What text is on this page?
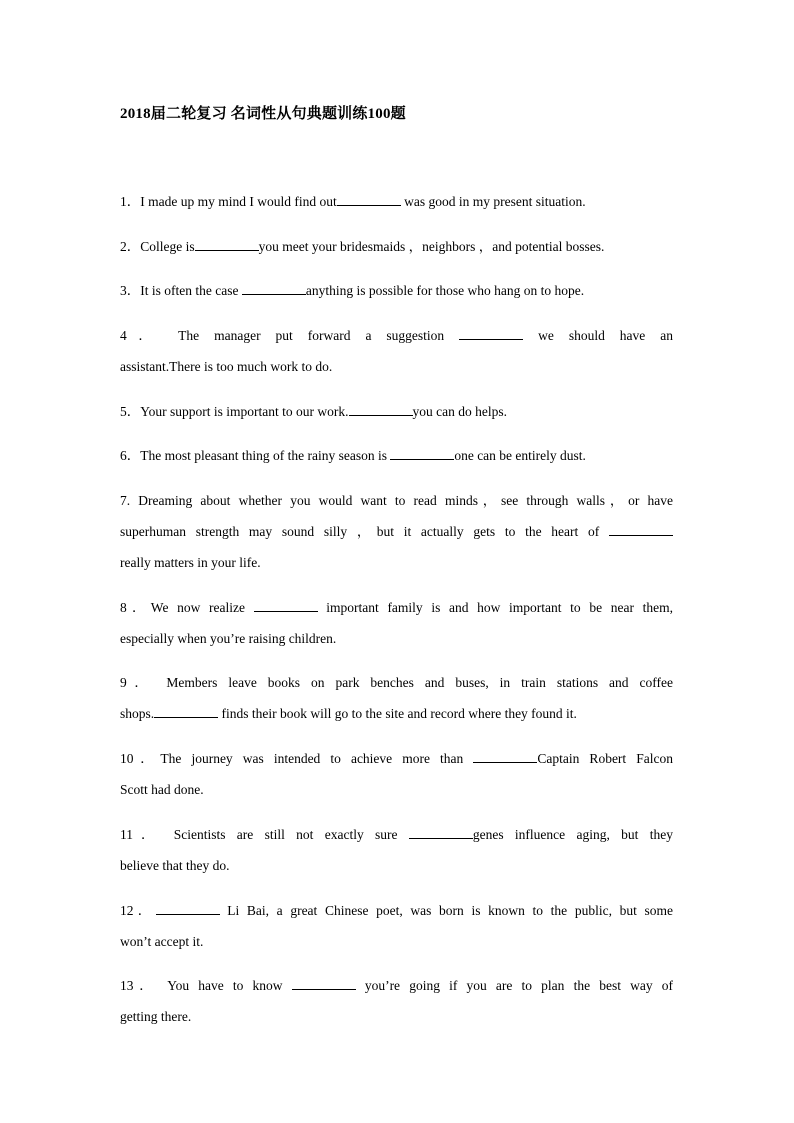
2018届二轮复习 名词性从句典题训练100题
1．I made up my mind I would find out	was good in my present situation.
2．College is	you meet your bridesmaids ，neighbors ，and potential bosses.
3．It is often the case	anything is possible for those who hang on to hope.
4． The manager put forward a suggestion	we should have an
assistant.There is too much work to do.
5．Your support is important to our work.	you can do helps.
6．The most pleasant thing of the rainy season is	one can be entirely dust.
7. Dreaming about whether you would want to read minds，see through walls，or have
superhuman strength may sound silly ，but it actually gets to the heart of
really matters in your life.
8．We now realize	important family is and how important to be near them,
especially when you’re raising children.
9． Members leave books on park benches and buses, in train stations and coffee
shops.	finds their book will go to the site and record where they found it.
10．The journey was intended to achieve more than	Captain Robert Falcon
Scott had done.
11． Scientists are still not exactly sure	genes influence aging, but they
believe that they do.
12．	Li Bai, a great Chinese poet, was born is known to the public, but some
won’t accept it.
13． You have to know	you’re going if you are to plan the best way of
getting there.
